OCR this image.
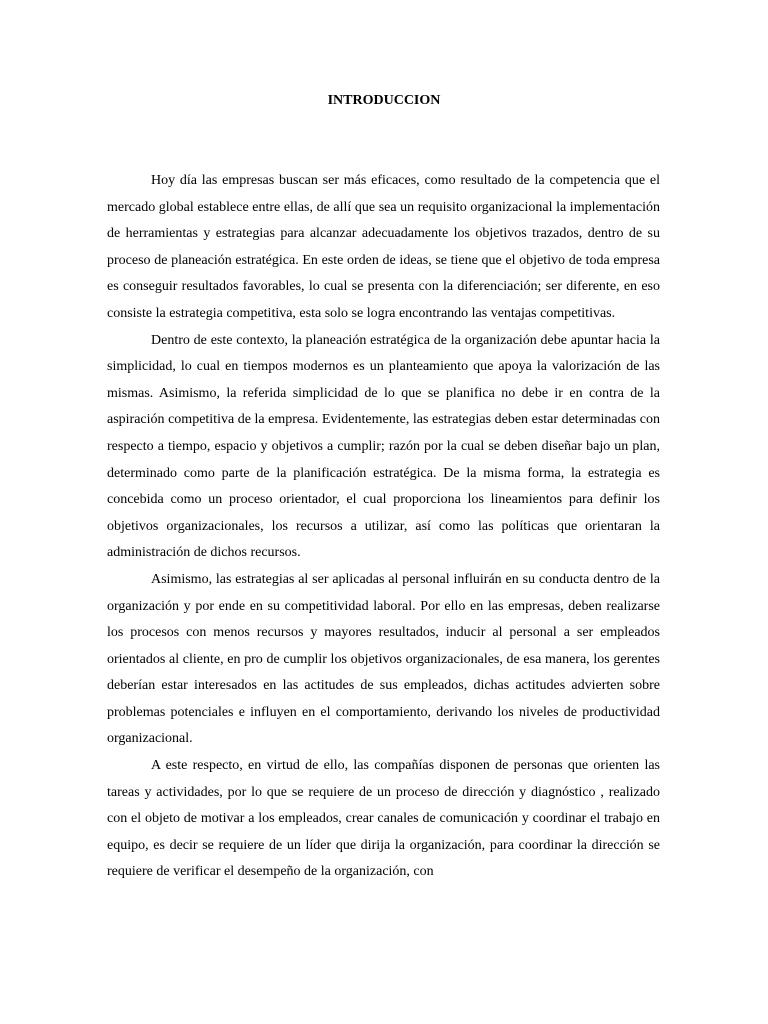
INTRODUCCION

Hoy día las empresas buscan ser más eficaces, como resultado de la competencia que el mercado global establece entre ellas, de allí que sea un requisito organizacional la implementación de herramientas y estrategias para alcanzar adecuadamente los objetivos trazados, dentro de su proceso de planeación estratégica. En este orden de ideas, se tiene que el objetivo de toda empresa es conseguir resultados favorables, lo cual se presenta con la diferenciación; ser diferente, en eso consiste la estrategia competitiva, esta solo se logra encontrando las ventajas competitivas.

Dentro de este contexto, la planeación estratégica de la organización debe apuntar hacia la simplicidad, lo cual en tiempos modernos es un planteamiento que apoya la valorización de las mismas. Asimismo, la referida simplicidad de lo que se planifica no debe ir en contra de la aspiración competitiva de la empresa. Evidentemente, las estrategias deben estar determinadas con respecto a tiempo, espacio y objetivos a cumplir; razón por la cual se deben diseñar bajo un plan, determinado como parte de la planificación estratégica. De la misma forma, la estrategia es concebida como un proceso orientador, el cual proporciona los lineamientos para definir los objetivos organizacionales, los recursos a utilizar, así como las políticas que orientaran la administración de dichos recursos.

Asimismo, las estrategias al ser aplicadas al personal influirán en su conducta dentro de la organización y por ende en su competitividad laboral. Por ello en las empresas, deben realizarse los procesos con menos recursos y mayores resultados, inducir al personal a ser empleados orientados al cliente, en pro de cumplir los objetivos organizacionales, de esa manera, los gerentes deberían estar interesados en las actitudes de sus empleados, dichas actitudes advierten sobre problemas potenciales e influyen en el comportamiento, derivando los niveles de productividad organizacional.

A este respecto, en virtud de ello, las compañías disponen de personas que orienten las tareas y actividades, por lo que se requiere de un proceso de dirección y diagnóstico , realizado con el objeto de motivar a los empleados, crear canales de comunicación y coordinar el trabajo en equipo, es decir se requiere de un líder que dirija la organización, para coordinar la dirección se requiere de verificar el desempeño de la organización, con
